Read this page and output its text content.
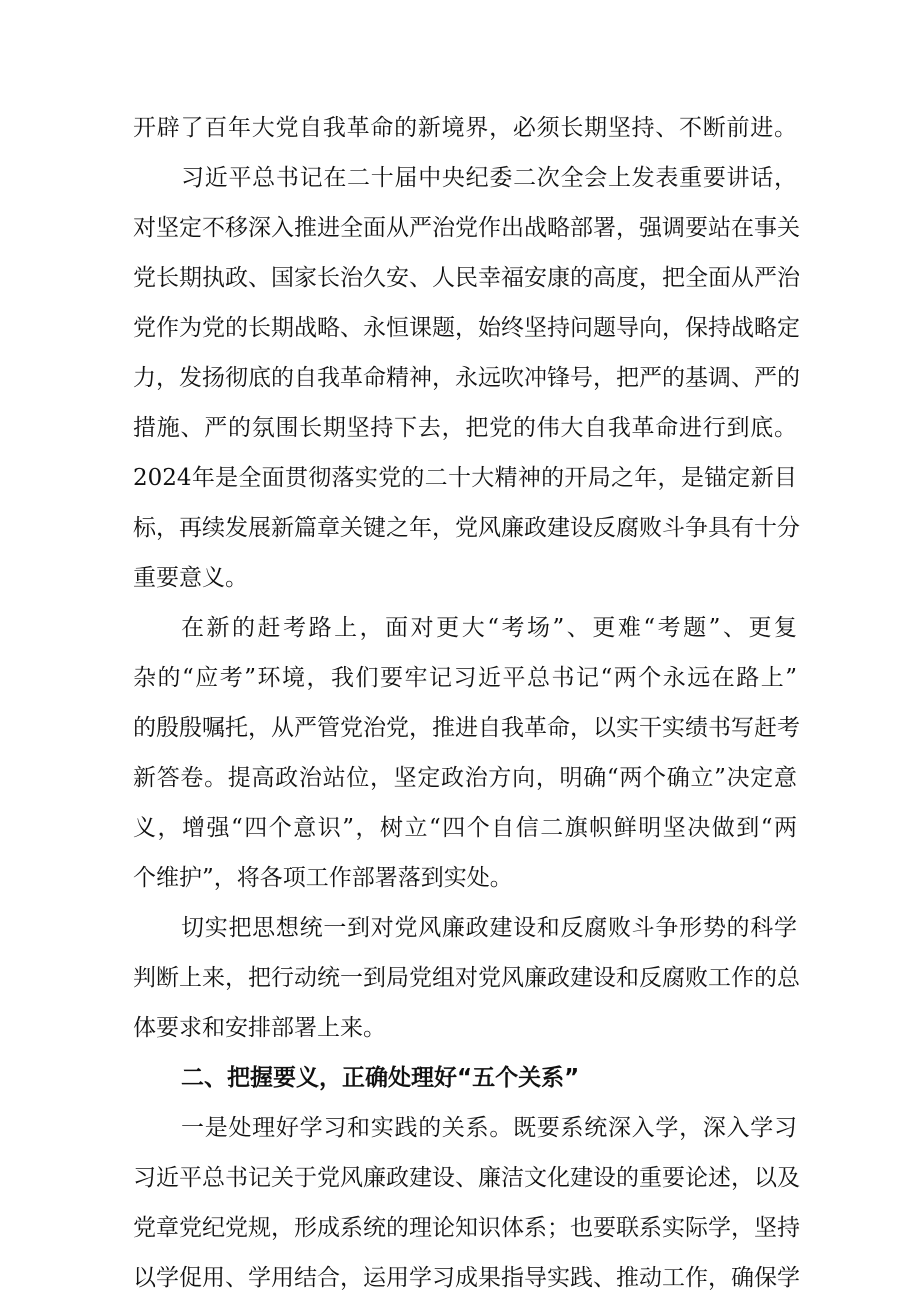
开辟了百年大党自我革命的新境界，必须长期坚持、不断前进。
习近平总书记在二十届中央纪委二次全会上发表重要讲话，
对坚定不移深入推进全面从严治党作出战略部署，强调要站在事关
党长期执政、国家长治久安、人民幸福安康的高度，把全面从严治
党作为党的长期战略、永恒课题，始终坚持问题导向，保持战略定
力，发扬彻底的自我革命精神，永远吹冲锋号，把严的基调、严的
措施、严的氛围长期坚持下去，把党的伟大自我革命进行到底。
2024年是全面贯彻落实党的二十大精神的开局之年，是锚定新目
标，再续发展新篇章关键之年，党风廉政建设反腐败斗争具有十分
重要意义。
在新的赶考路上，面对更大“考场”、更难“考题”、更复
杂的“应考”环境，我们要牢记习近平总书记“两个永远在路上”
的殷殷嘱托，从严管党治党，推进自我革命，以实干实绩书写赶考
新答卷。提高政治站位，坚定政治方向，明确“两个确立”决定意
义，增强“四个意识”，树立“四个自信二旗帜鲜明坚决做到“两
个维护”，将各项工作部署落到实处。
切实把思想统一到对党风廉政建设和反腐败斗争形势的科学
判断上来，把行动统一到局党组对党风廉政建设和反腐败工作的总
体要求和安排部署上来。
二、把握要义，正确处理好“五个关系”
一是处理好学习和实践的关系。既要系统深入学，深入学习
习近平总书记关于党风廉政建设、廉洁文化建设的重要论述，以及
党章党纪党规，形成系统的理论知识体系；也要联系实际学，坚持
以学促用、学用结合，运用学习成果指导实践、推动工作，确保学
